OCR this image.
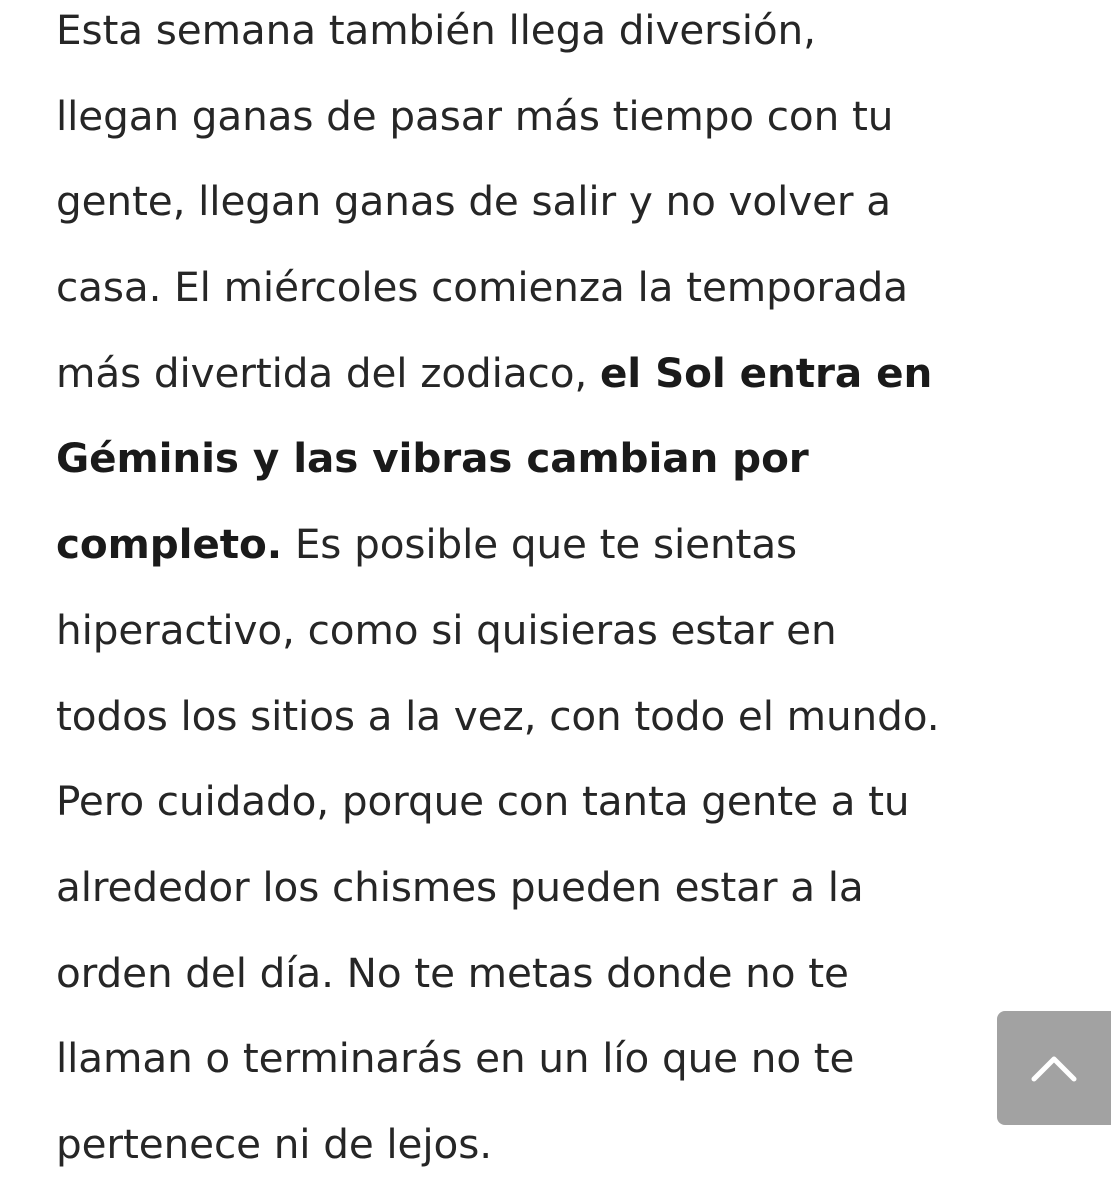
Esta semana también llega diversión,
llegan ganas de pasar más tiempo con tu
gente, llegan ganas de salir y no volver a
casa. El miércoles comienza la temporada
más divertida del zodiaco, el Sol entra en
Géminis y las vibras cambian por
completo. Es posible que te sientas
hiperactivo, como si quisieras estar en
todos los sitios a la vez, con todo el mundo.
Pero cuidado, porque con tanta gente a tu
alrededor los chismes pueden estar a la
orden del día. No te metas donde no te
llaman o terminarás en un lío que no te
pertenece ni de lejos.
